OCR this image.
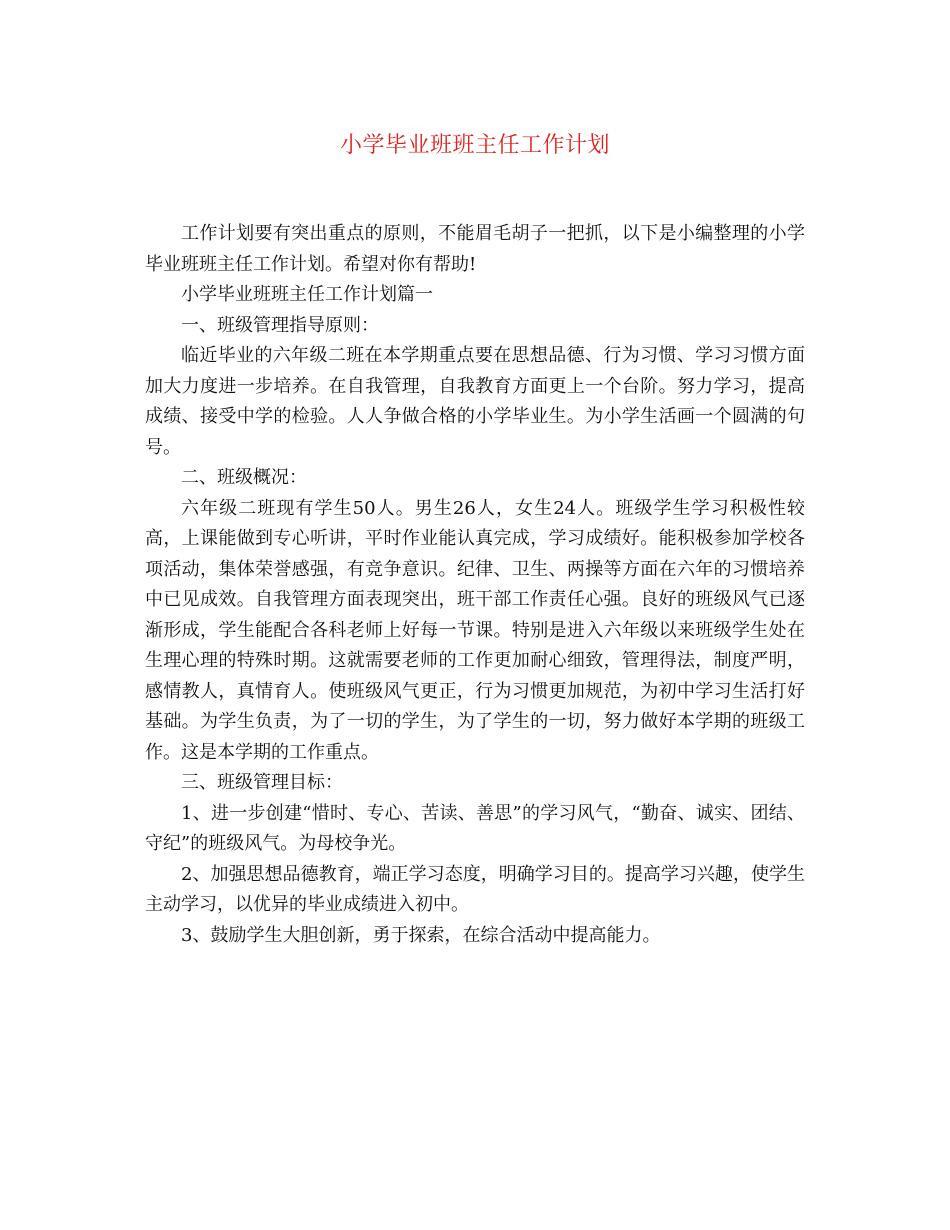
小学毕业班班主任工作计划

工作计划要有突出重点的原则，不能眉毛胡子一把抓，以下是小编整理的小学毕业班班主任工作计划。希望对你有帮助!

小学毕业班班主任工作计划篇一

一、班级管理指导原则：

临近毕业的六年级二班在本学期重点要在思想品德、行为习惯、学习习惯方面加大力度进一步培养。在自我管理，自我教育方面更上一个台阶。努力学习，提高成绩、接受中学的检验。人人争做合格的小学毕业生。为小学生活画一个圆满的句号。

二、班级概况：

六年级二班现有学生50人。男生26人，女生24人。班级学生学习积极性较高，上课能做到专心听讲，平时作业能认真完成，学习成绩好。能积极参加学校各项活动，集体荣誉感强，有竞争意识。纪律、卫生、两操等方面在六年的习惯培养中已见成效。自我管理方面表现突出，班干部工作责任心强。良好的班级风气已逐渐形成，学生能配合各科老师上好每一节课。特别是进入六年级以来班级学生处在生理心理的特殊时期。这就需要老师的工作更加耐心细致，管理得法，制度严明，感情教人，真情育人。使班级风气更正，行为习惯更加规范，为初中学习生活打好基础。为学生负责，为了一切的学生，为了学生的一切，努力做好本学期的班级工作。这是本学期的工作重点。

三、班级管理目标：

1、进一步创建“惜时、专心、苦读、善思”的学习风气，“勤奋、诚实、团结、守纪”的班级风气。为母校争光。

2、加强思想品德教育，端正学习态度，明确学习目的。提高学习兴趣，使学生主动学习，以优异的毕业成绩进入初中。

3、鼓励学生大胆创新，勇于探索，在综合活动中提高能力。
